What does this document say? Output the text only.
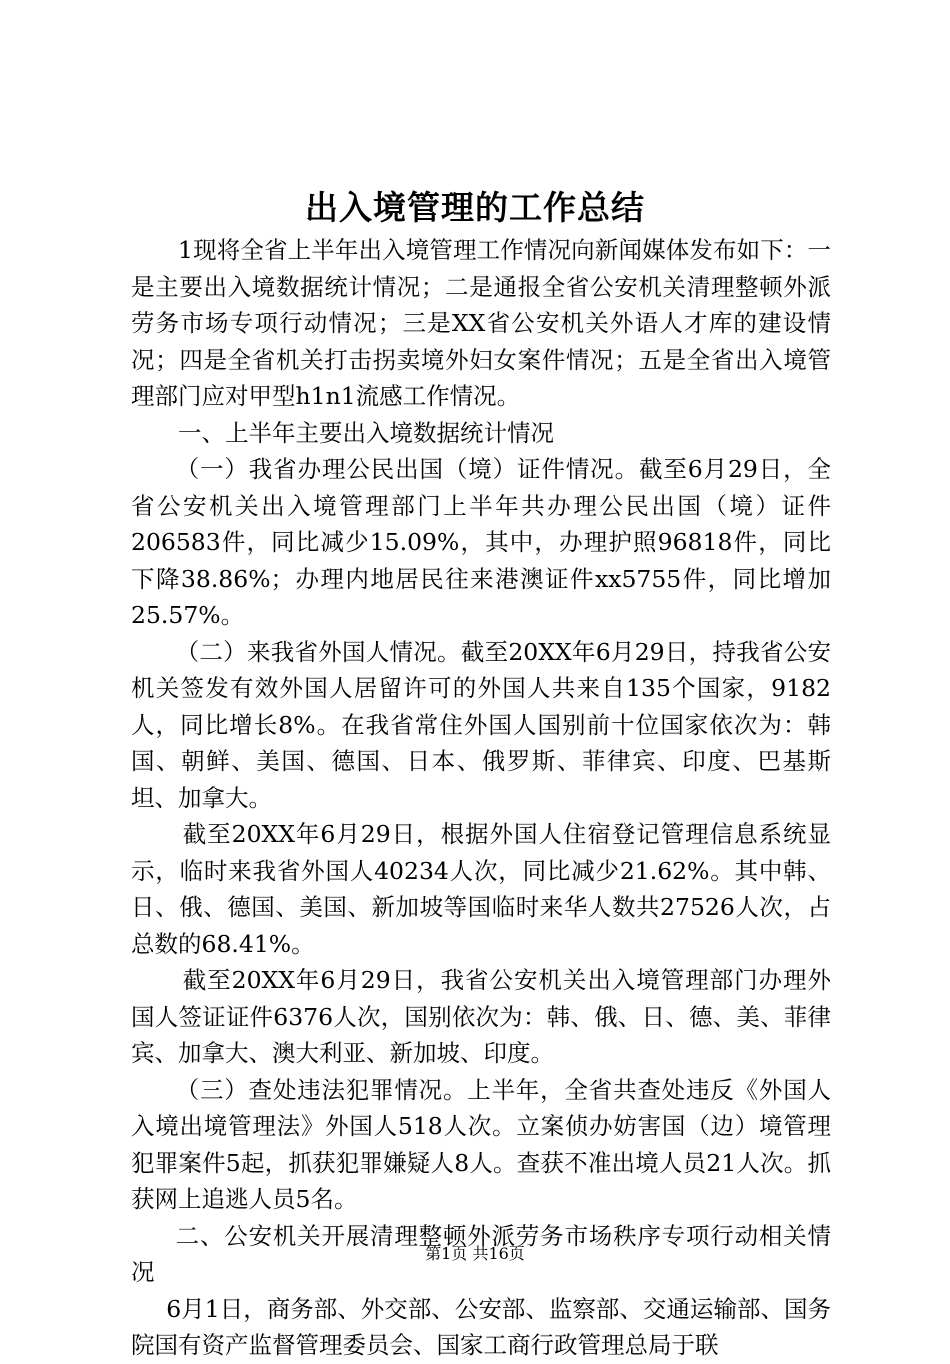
出入境管理的工作总结

1现将全省上半年出入境管理工作情况向新闻媒体发布如下：一是主要出入境数据统计情况；二是通报全省公安机关清理整顿外派劳务市场专项行动情况；三是XX省公安机关外语人才库的建设情况；四是全省机关打击拐卖境外妇女案件情况；五是全省出入境管理部门应对甲型h1n1流感工作情况。

一、上半年主要出入境数据统计情况

（一）我省办理公民出国（境）证件情况。截至6月29日，全省公安机关出入境管理部门上半年共办理公民出国（境）证件206583件，同比减少15.09%，其中，办理护照96818件，同比下降38.86%；办理内地居民往来港澳证件xx5755件，同比增加25.57%。

（二）来我省外国人情况。截至20XX年6月29日，持我省公安机关签发有效外国人居留许可的外国人共来自135个国家，9182人，同比增长8%。在我省常住外国人国别前十位国家依次为：韩国、朝鲜、美国、德国、日本、俄罗斯、菲律宾、印度、巴基斯坦、加拿大。

截至20XX年6月29日，根据外国人住宿登记管理信息系统显示，临时来我省外国人40234人次，同比减少21.62%。其中韩、日、俄、德国、美国、新加坡等国临时来华人数共27526人次，占总数的68.41%。

截至20XX年6月29日，我省公安机关出入境管理部门办理外国人签证证件6376人次，国别依次为：韩、俄、日、德、美、菲律宾、加拿大、澳大利亚、新加坡、印度。

（三）查处违法犯罪情况。上半年，全省共查处违反《外国人入境出境管理法》外国人518人次。立案侦办妨害国（边）境管理犯罪案件5起，抓获犯罪嫌疑人8人。查获不准出境人员21人次。抓获网上追逃人员5名。

二、公安机关开展清理整顿外派劳务市场秩序专项行动相关情况

6月1日，商务部、外交部、公安部、监察部、交通运输部、国务院国有资产监督管理委员会、国家工商行政管理总局于联

第1页 共16页
